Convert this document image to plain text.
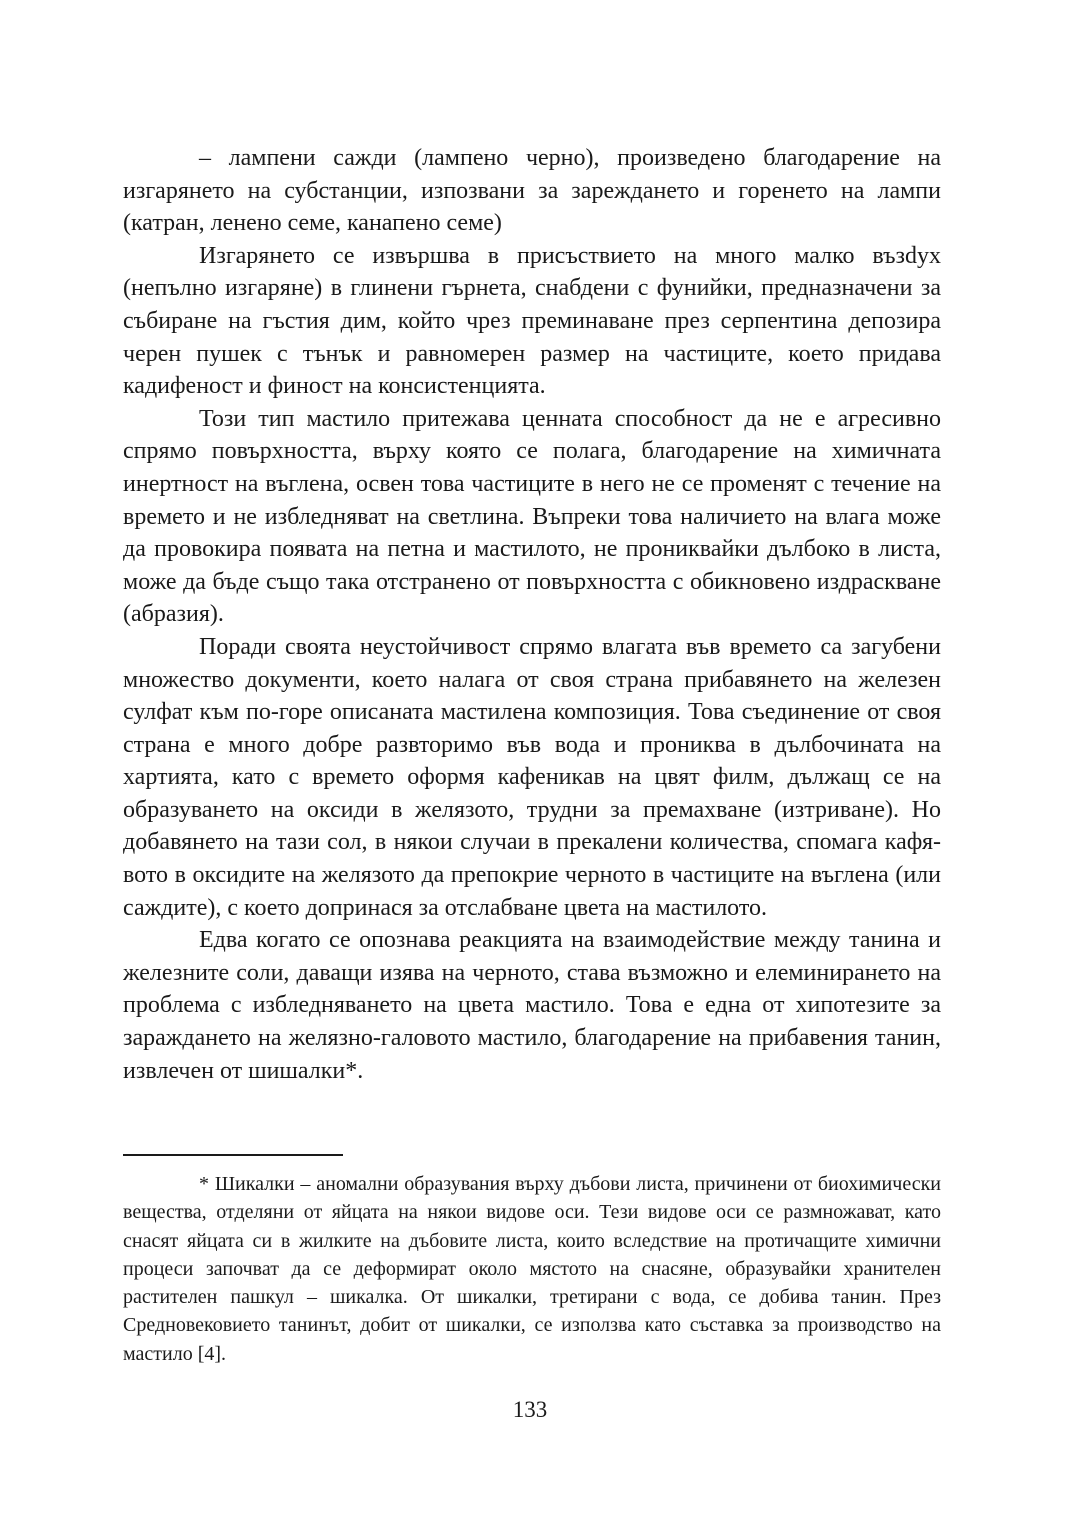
– лампени сажди (лампено черно), произведено благодарение на изгарянето на субстанции, изпозвани за зареждането и горенето на лампи (катран, ленено семе, канапено семе)

Изгарянето се извършва в присъствието на много малко възdух (непълно изгаряне) в глинени гърнета, снабдени с фунийки, предназначени за събиране на гъстия дим, който чрез преминаване през серпентина депозира черен пушек с тънък и равномерен размер на частиците, което придава кадифеност и финост на консистенцията.

Този тип мастило притежава ценната способност да не е агресивно спрямо повърхността, върху която се полага, благодарение на химичната инертност на въглена, освен това частиците в него не се променят с течение на времето и не избледняват на светлина. Въпреки това наличието на влага може да провокира появата на петна и мастилото, не прониквайки дълбоко в листа, може да бъде също така отстранено от повърхността с обикновено издраскване (абразия).

Поради своята неустойчивост спрямо влагата във времето са загубени множество документи, което налага от своя страна прибавянето на железен сулфат към по-горе описаната мастилена композиция. Това съединение от своя страна е много добре развторимо във вода и прониква в дълбочината на хартията, като с времето оформя кафеникав на цвят филм, дължащ се на образуването на оксиди в желязото, трудни за премахване (изтриване). Но добавянето на тази сол, в някои случаи в прекалени количества, спомага кафявото в оксидите на желязото да препокрие черното в частиците на въглена (или саждите), с което допринася за отслабване цвета на мастилото.

Едва когато се опознава реакцията на взаимодействие между танина и железните соли, даващи изява на черното, става възможно и елеминирането на проблема с избледняването на цвета мастило. Това е една от хипотезите за зараждането на желязно-галовото мастило, благодарение на прибавения танин, извлечен от шишалки*.

* Шикалки – аномални образувания върху дъбови листа, причинени от биохимически вещества, отделяни от яйцата на някои видове оси. Тези видове оси се размножават, като снасят яйцата си в жилките на дъбовите листа, които вследствие на протичащите химични процеси започват да се деформират около мястото на снасяне, образувайки хранителен растителен пашкул – шикалка. От шикалки, третирани с вода, се добива танин. През Средновековието танинът, добит от шикалки, се използва като съставка за производство на мастило [4].

133
